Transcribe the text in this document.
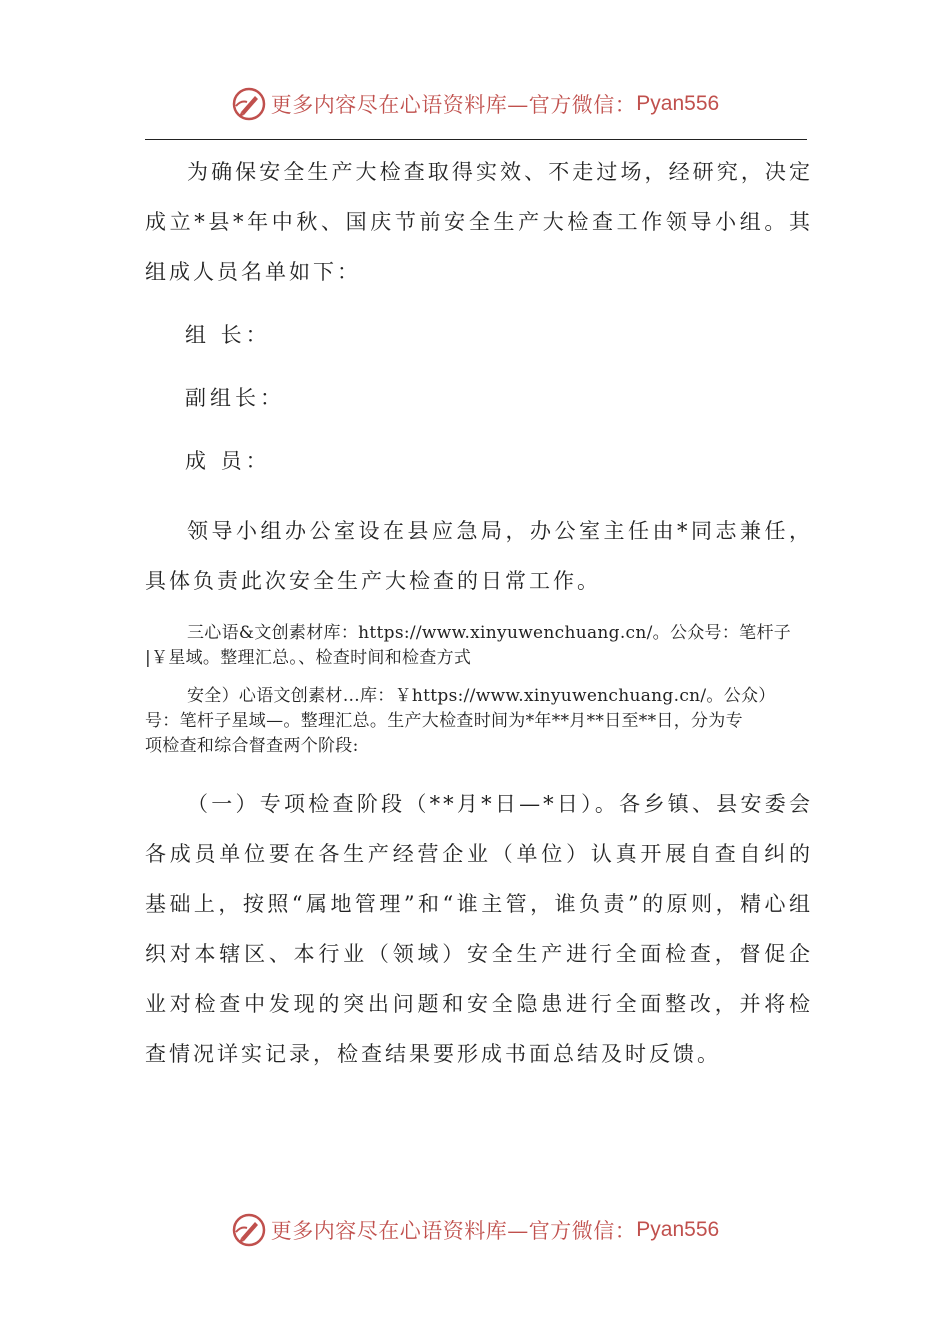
更多内容尽在心语资料库—官方微信： Pyan556

为确保安全生产大检查取得实效、不走过场，经研究，决定成立*县*年中秋、国庆节前安全生产大检查工作领导小组。其组成人员名单如下：

组 长：

副组长：

成 员：

领导小组办公室设在县应急局，办公室主任由*同志兼任，具体负责此次安全生产大检查的日常工作。

三心语&文创素材库：https://www.xinyuwenchuang.cn/。公众号：笔杆子

|￥星域。整理汇总。、检查时间和检查方式

安全）心语文创素材…库：￥https://www.xinyuwenchuang.cn/。公众）

号：笔杆子星域—。整理汇总。生产大检查时间为*年**月**日至**日，分为专

项检查和综合督查两个阶段:

（一）专项检查阶段（**月*日—*日）。各乡镇、县安委会各成员单位要在各生产经营企业（单位）认真开展自查自纠的基础上，按照“属地管理”和“谁主管，谁负责”的原则，精心组织对本辖区、本行业（领域）安全生产进行全面检查，督促企业对检查中发现的突出问题和安全隐患进行全面整改，并将检查情况详实记录，检查结果要形成书面总结及时反馈。

更多内容尽在心语资料库—官方微信： Pyan556
